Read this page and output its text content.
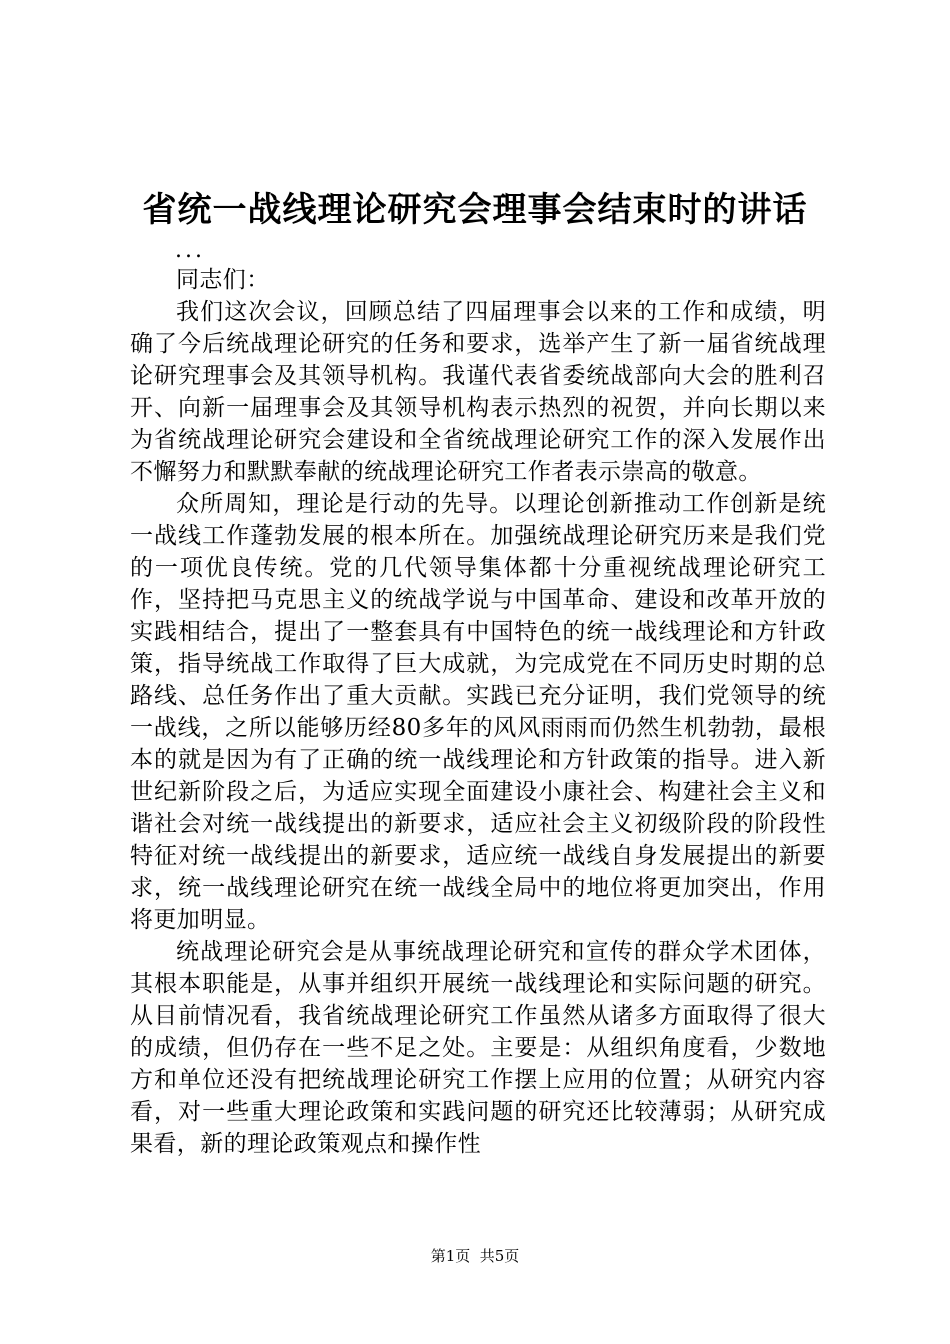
省统一战线理论研究会理事会结束时的讲话
...

同志们：

我们这次会议，回顾总结了四届理事会以来的工作和成绩，明确了今后统战理论研究的任务和要求，选举产生了新一届省统战理论研究理事会及其领导机构。我谨代表省委统战部向大会的胜利召开、向新一届理事会及其领导机构表示热烈的祝贺，并向长期以来为省统战理论研究会建设和全省统战理论研究工作的深入发展作出不懈努力和默默奉献的统战理论研究工作者表示崇高的敬意。

众所周知，理论是行动的先导。以理论创新推动工作创新是统一战线工作蓬勃发展的根本所在。加强统战理论研究历来是我们党的一项优良传统。党的几代领导集体都十分重视统战理论研究工作，坚持把马克思主义的统战学说与中国革命、建设和改革开放的实践相结合，提出了一整套具有中国特色的统一战线理论和方针政策，指导统战工作取得了巨大成就，为完成党在不同历史时期的总路线、总任务作出了重大贡献。实践已充分证明，我们党领导的统一战线，之所以能够历经80多年的风风雨雨而仍然生机勃勃，最根本的就是因为有了正确的统一战线理论和方针政策的指导。进入新世纪新阶段之后，为适应实现全面建设小康社会、构建社会主义和谐社会对统一战线提出的新要求，适应社会主义初级阶段的阶段性特征对统一战线提出的新要求，适应统一战线自身发展提出的新要求，统一战线理论研究在统一战线全局中的地位将更加突出，作用将更加明显。

统战理论研究会是从事统战理论研究和宣传的群众学术团体，其根本职能是，从事并组织开展统一战线理论和实际问题的研究。从目前情况看，我省统战理论研究工作虽然从诸多方面取得了很大的成绩，但仍存在一些不足之处。主要是：从组织角度看，少数地方和单位还没有把统战理论研究工作摆上应用的位置；从研究内容看，对一些重大理论政策和实践问题的研究还比较薄弱；从研究成果看，新的理论政策观点和操作性

第1页  共5页
